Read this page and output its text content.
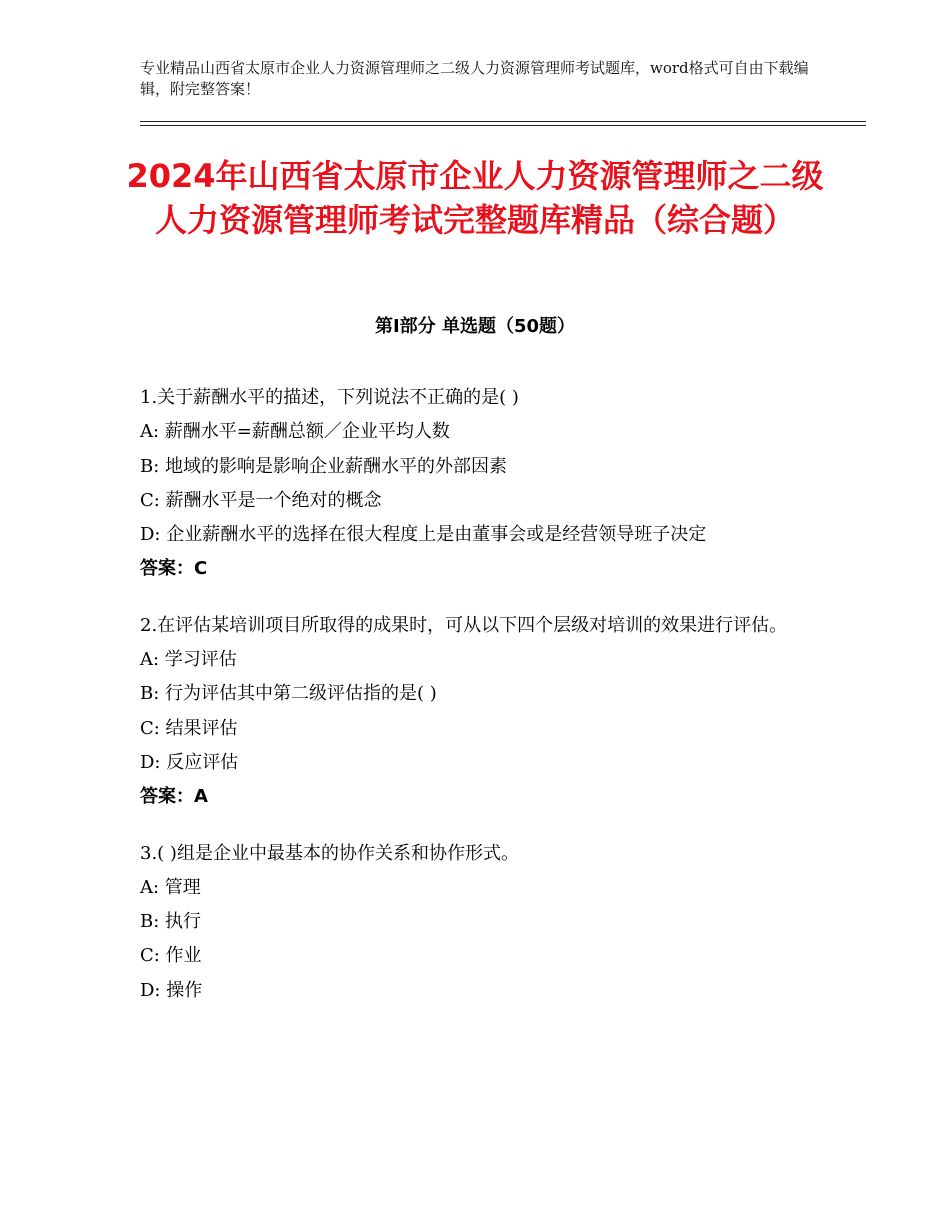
专业精品山西省太原市企业人力资源管理师之二级人力资源管理师考试题库，word格式可自由下载编辑，附完整答案！
2024年山西省太原市企业人力资源管理师之二级人力资源管理师考试完整题库精品（综合题）
第Ⅰ部分 单选题（50题）
1.关于薪酬水平的描述，下列说法不正确的是( )
A: 薪酬水平=薪酬总额／企业平均人数
B: 地域的影响是影响企业薪酬水平的外部因素
C: 薪酬水平是一个绝对的概念
D: 企业薪酬水平的选择在很大程度上是由董事会或是经营领导班子决定
答案：C
2.在评估某培训项目所取得的成果时，可从以下四个层级对培训的效果进行评估。
A: 学习评估
B: 行为评估其中第二级评估指的是( )
C: 结果评估
D: 反应评估
答案：A
3.( )组是企业中最基本的协作关系和协作形式。
A: 管理
B: 执行
C: 作业
D: 操作
